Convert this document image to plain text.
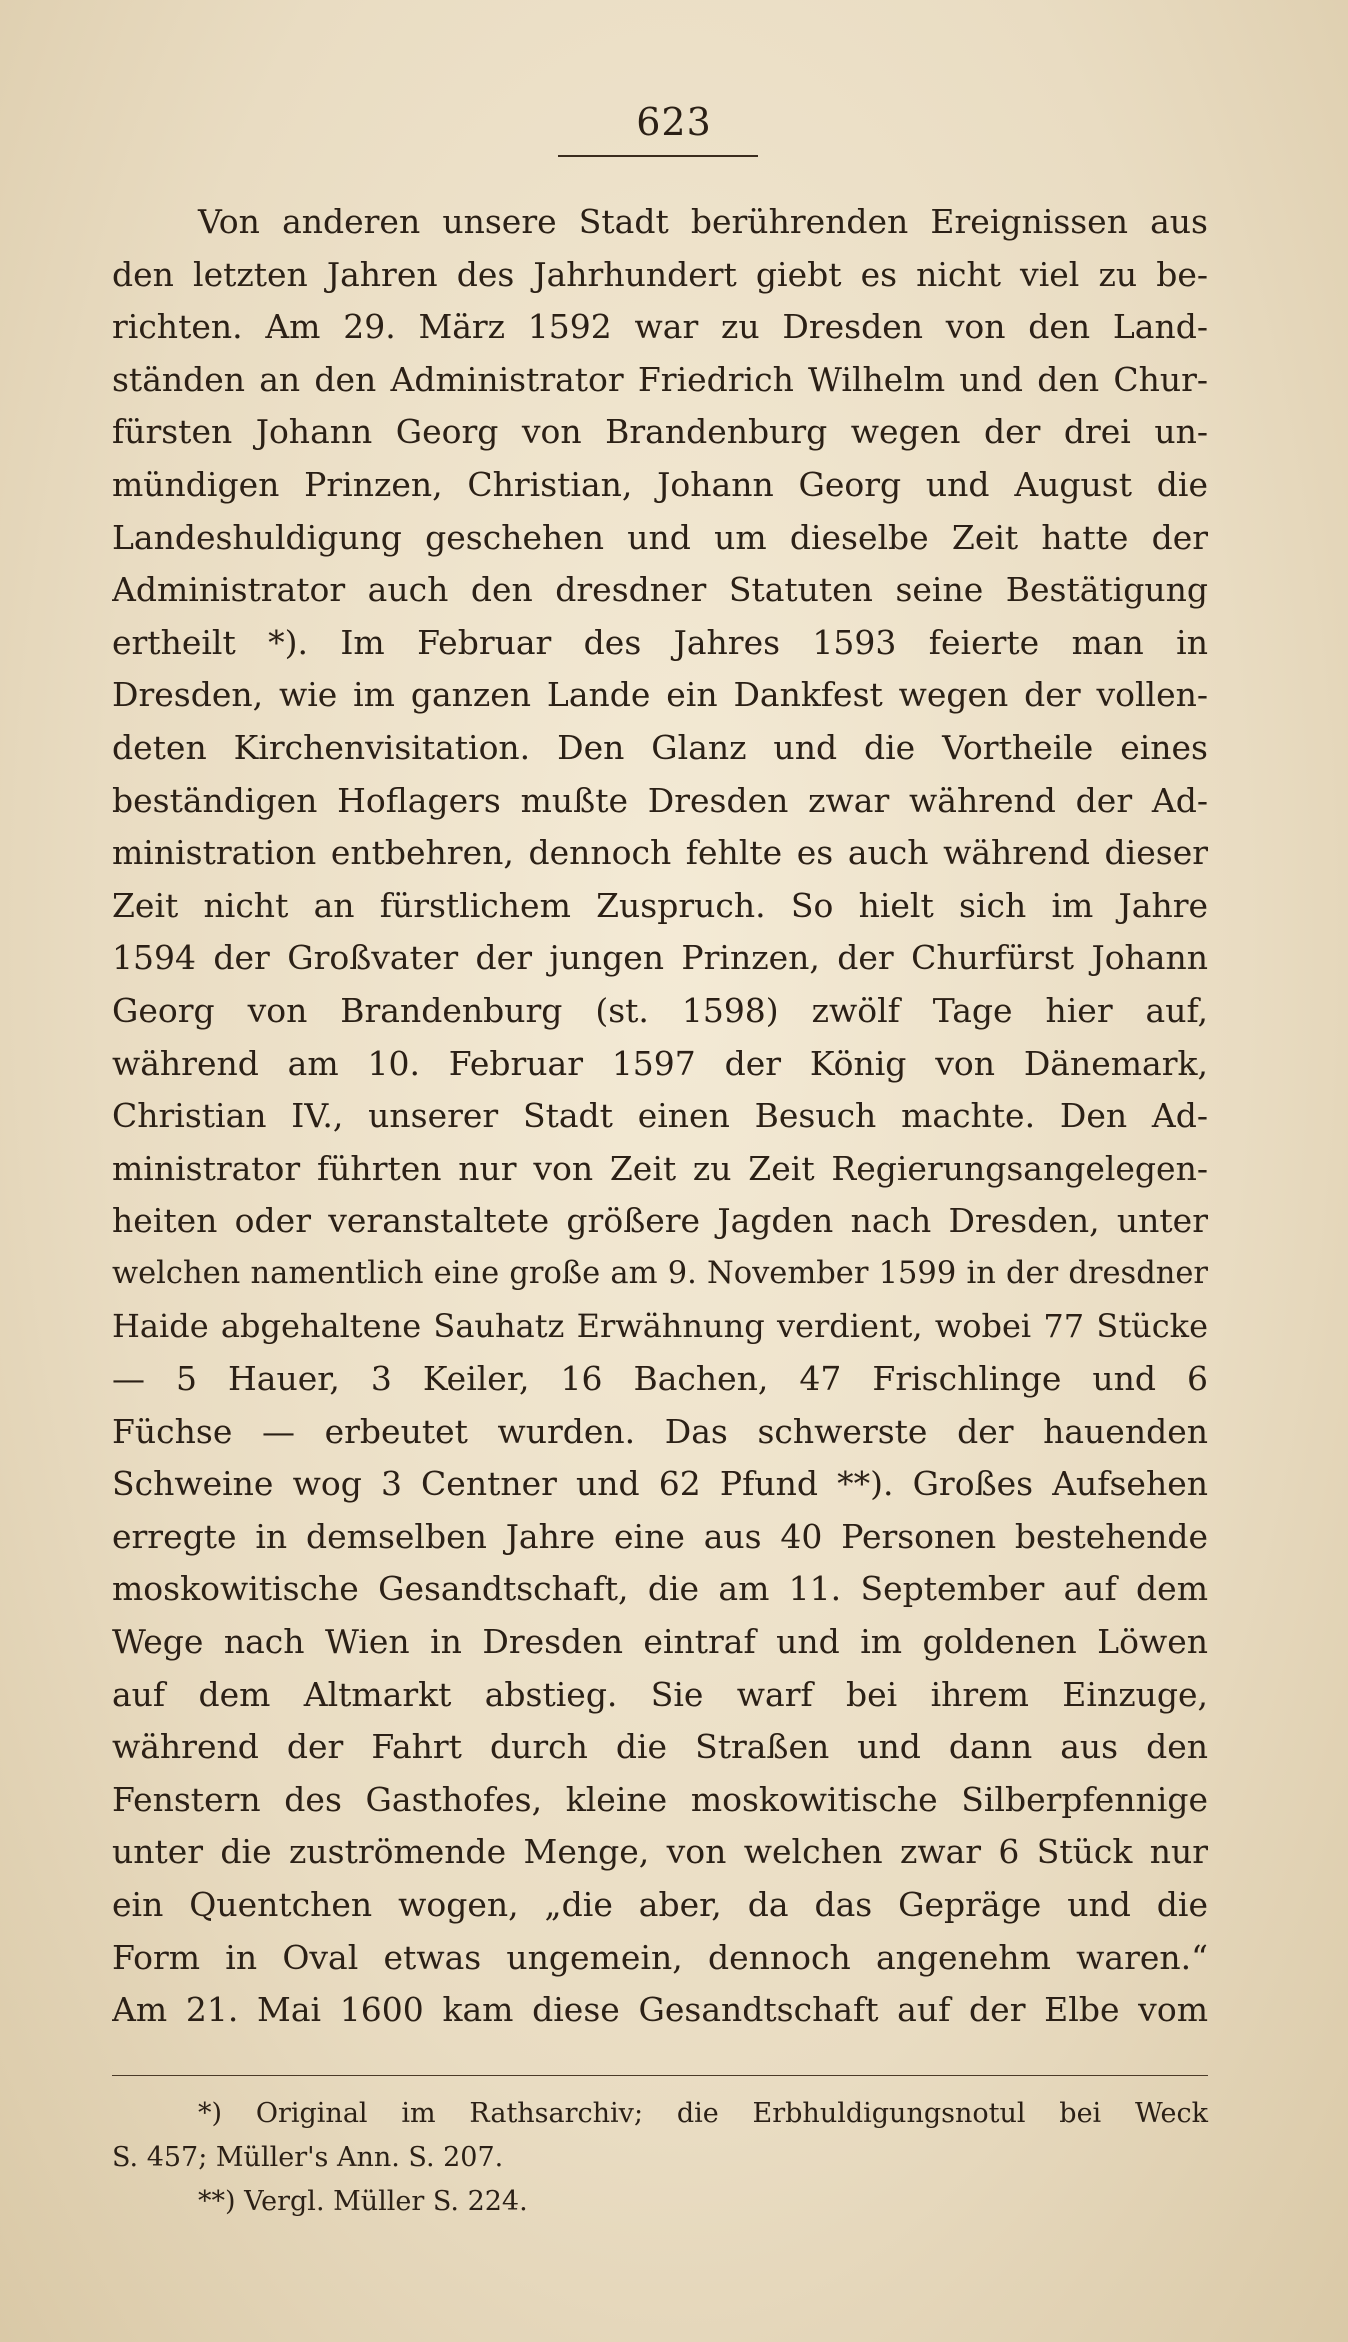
623
Von anderen unsere Stadt berührenden Ereignissen aus
den letzten Jahren des Jahrhundert giebt es nicht viel zu be-
richten. Am 29. März 1592 war zu Dresden von den Land-
ständen an den Administrator Friedrich Wilhelm und den Chur-
fürsten Johann Georg von Brandenburg wegen der drei un-
mündigen Prinzen, Christian, Johann Georg und August die
Landeshuldigung geschehen und um dieselbe Zeit hatte der
Administrator auch den dresdner Statuten seine Bestätigung
ertheilt *). Im Februar des Jahres 1593 feierte man in
Dresden, wie im ganzen Lande ein Dankfest wegen der vollen-
deten Kirchenvisitation. Den Glanz und die Vortheile eines
beständigen Hoflagers mußte Dresden zwar während der Ad-
ministration entbehren, dennoch fehlte es auch während dieser
Zeit nicht an fürstlichem Zuspruch. So hielt sich im Jahre
1594 der Großvater der jungen Prinzen, der Churfürst Johann
Georg von Brandenburg (st. 1598) zwölf Tage hier auf,
während am 10. Februar 1597 der König von Dänemark,
Christian IV., unserer Stadt einen Besuch machte. Den Ad-
ministrator führten nur von Zeit zu Zeit Regierungsangelegen-
heiten oder veranstaltete größere Jagden nach Dresden, unter
welchen namentlich eine große am 9. November 1599 in der dresdner
Haide abgehaltene Sauhatz Erwähnung verdient, wobei 77 Stücke
— 5 Hauer, 3 Keiler, 16 Bachen, 47 Frischlinge und 6
Füchse — erbeutet wurden. Das schwerste der hauenden
Schweine wog 3 Centner und 62 Pfund **). Großes Aufsehen
erregte in demselben Jahre eine aus 40 Personen bestehende
moskowitische Gesandtschaft, die am 11. September auf dem
Wege nach Wien in Dresden eintraf und im goldenen Löwen
auf dem Altmarkt abstieg. Sie warf bei ihrem Einzuge,
während der Fahrt durch die Straßen und dann aus den
Fenstern des Gasthofes, kleine moskowitische Silberpfennige
unter die zuströmende Menge, von welchen zwar 6 Stück nur
ein Quentchen wogen, „die aber, da das Gepräge und die
Form in Oval etwas ungemein, dennoch angenehm waren.“
Am 21. Mai 1600 kam diese Gesandtschaft auf der Elbe vom
*) Original im Rathsarchiv; die Erbhuldigungsnotul bei Weck
S. 457; Müller's Ann. S. 207.
**) Vergl. Müller S. 224.
